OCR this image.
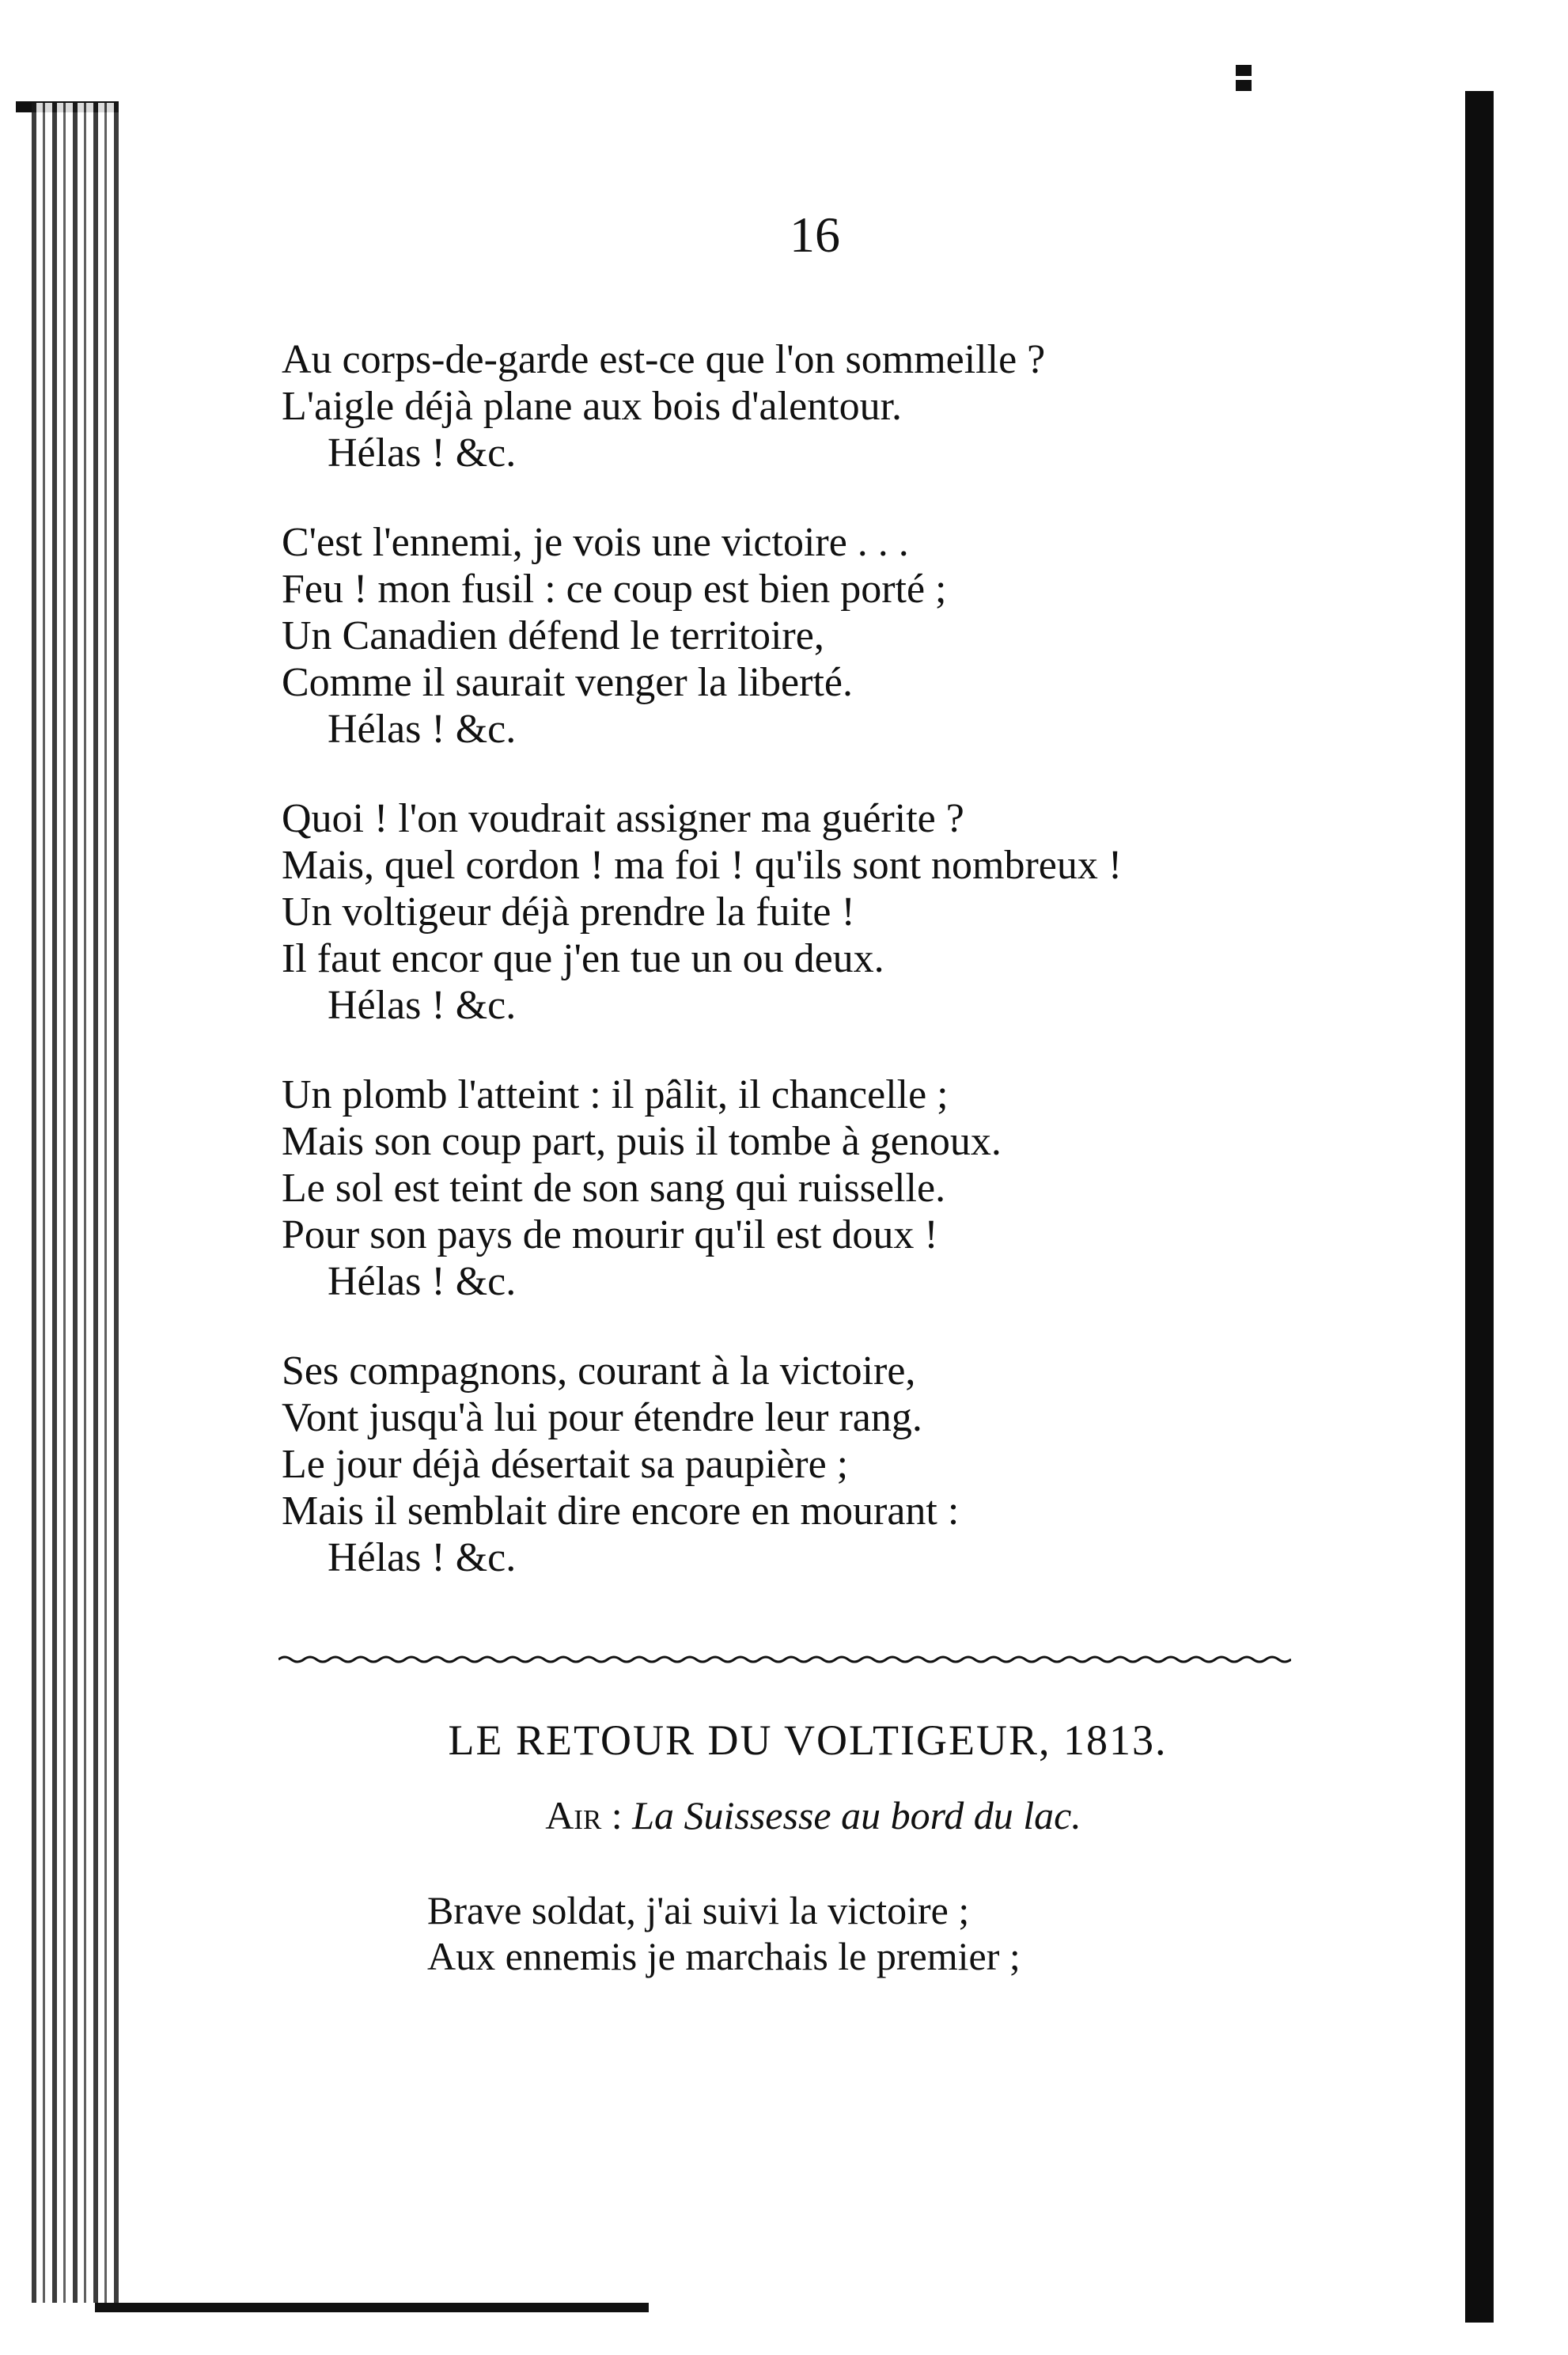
16
Au corps-de-garde est-ce que l'on sommeille ?
L'aigle déjà plane aux bois d'alentour.
Hélas ! &c.
C'est l'ennemi, je vois une victoire . . .
Feu ! mon fusil : ce coup est bien porté ;
Un Canadien défend le territoire,
Comme il saurait venger la liberté.
Hélas ! &c.
Quoi ! l'on voudrait assigner ma guérite ?
Mais, quel cordon ! ma foi ! qu'ils sont nombreux !
Un voltigeur déjà prendre la fuite !
Il faut encor que j'en tue un ou deux.
Hélas ! &c.
Un plomb l'atteint : il pâlit, il chancelle ;
Mais son coup part, puis il tombe à genoux.
Le sol est teint de son sang qui ruisselle.
Pour son pays de mourir qu'il est doux !
Hélas ! &c.
Ses compagnons, courant à la victoire,
Vont jusqu'à lui pour étendre leur rang.
Le jour déjà désertait sa paupière ;
Mais il semblait dire encore en mourant :
Hélas ! &c.
LE RETOUR DU VOLTIGEUR, 1813.
Air : La Suissesse au bord du lac.
Brave soldat, j'ai suivi la victoire ;
Aux ennemis je marchais le premier ;
